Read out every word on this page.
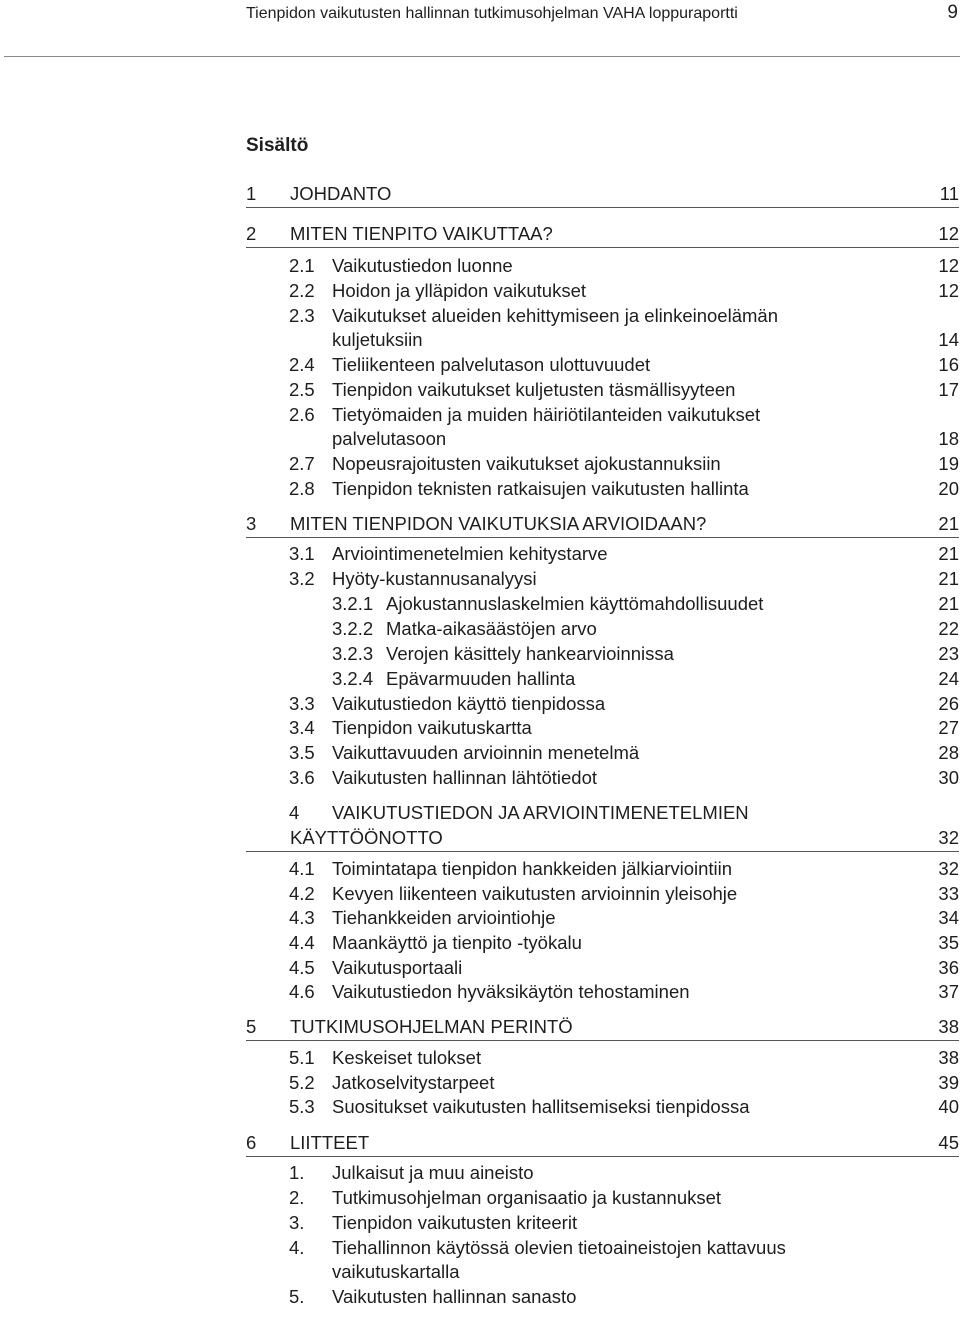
Tienpidon vaikutusten hallinnan tutkimusohjelman VAHA loppuraportti	9
Sisältö
1 JOHDANTO	11
2 MITEN TIENPITO VAIKUTTAA?	12
2.1 Vaikutustiedon luonne	12
2.2 Hoidon ja ylläpidon vaikutukset	12
2.3 Vaikutukset alueiden kehittymiseen ja elinkeinoelämän
kuljetuksiin	14
2.4 Tieliikenteen palvelutason ulottuvuudet	16
2.5 Tienpidon vaikutukset kuljetusten täsmällisyyteen	17
2.6 Tietyömaiden ja muiden häiriötilanteiden vaikutukset
palvelutasoon	18
2.7 Nopeusrajoitusten vaikutukset ajokustannuksiin	19
2.8 Tienpidon teknisten ratkaisujen vaikutusten hallinta	20
3 MITEN TIENPIDON VAIKUTUKSIA ARVIOIDAAN?	21
3.1 Arviointimenetelmien kehitystarve	21
3.2 Hyöty-kustannusanalyysi	21
3.2.1 Ajokustannuslaskelmien käyttömahdollisuudet	21
3.2.2 Matka-aikasäästöjen arvo	22
3.2.3 Verojen käsittely hankearvioinnissa	23
3.2.4 Epävarmuuden hallinta	24
3.3 Vaikutustiedon käyttö tienpidossa	26
3.4 Tienpidon vaikutuskartta	27
3.5 Vaikuttavuuden arvioinnin menetelmä	28
3.6 Vaikutusten hallinnan lähtötiedot	30
4 VAIKUTUSTIEDON JA ARVIOINTIMENETELMIEN
KÄYTTÖÖNOTTO	32
4.1 Toimintatapa tienpidon hankkeiden jälkiarviointiin	32
4.2 Kevyen liikenteen vaikutusten arvioinnin yleisohje	33
4.3 Tiehankkeiden arviointiohje	34
4.4 Maankäyttö ja tienpito -työkalu	35
4.5 Vaikutusportaali	36
4.6 Vaikutustiedon hyväksikäytön tehostaminen	37
5 TUTKIMUSOHJELMAN PERINTÖ	38
5.1 Keskeiset tulokset	38
5.2 Jatkoselvitystarpeet	39
5.3 Suositukset vaikutusten hallitsemiseksi tienpidossa	40
6 LIITTEET	45
1. Julkaisut ja muu aineisto
2. Tutkimusohjelman organisaatio ja kustannukset
3. Tienpidon vaikutusten kriteerit
4. Tiehallinnon käytössä olevien tietoaineistojen kattavuus
vaikutuskartalla
5. Vaikutusten hallinnan sanasto
